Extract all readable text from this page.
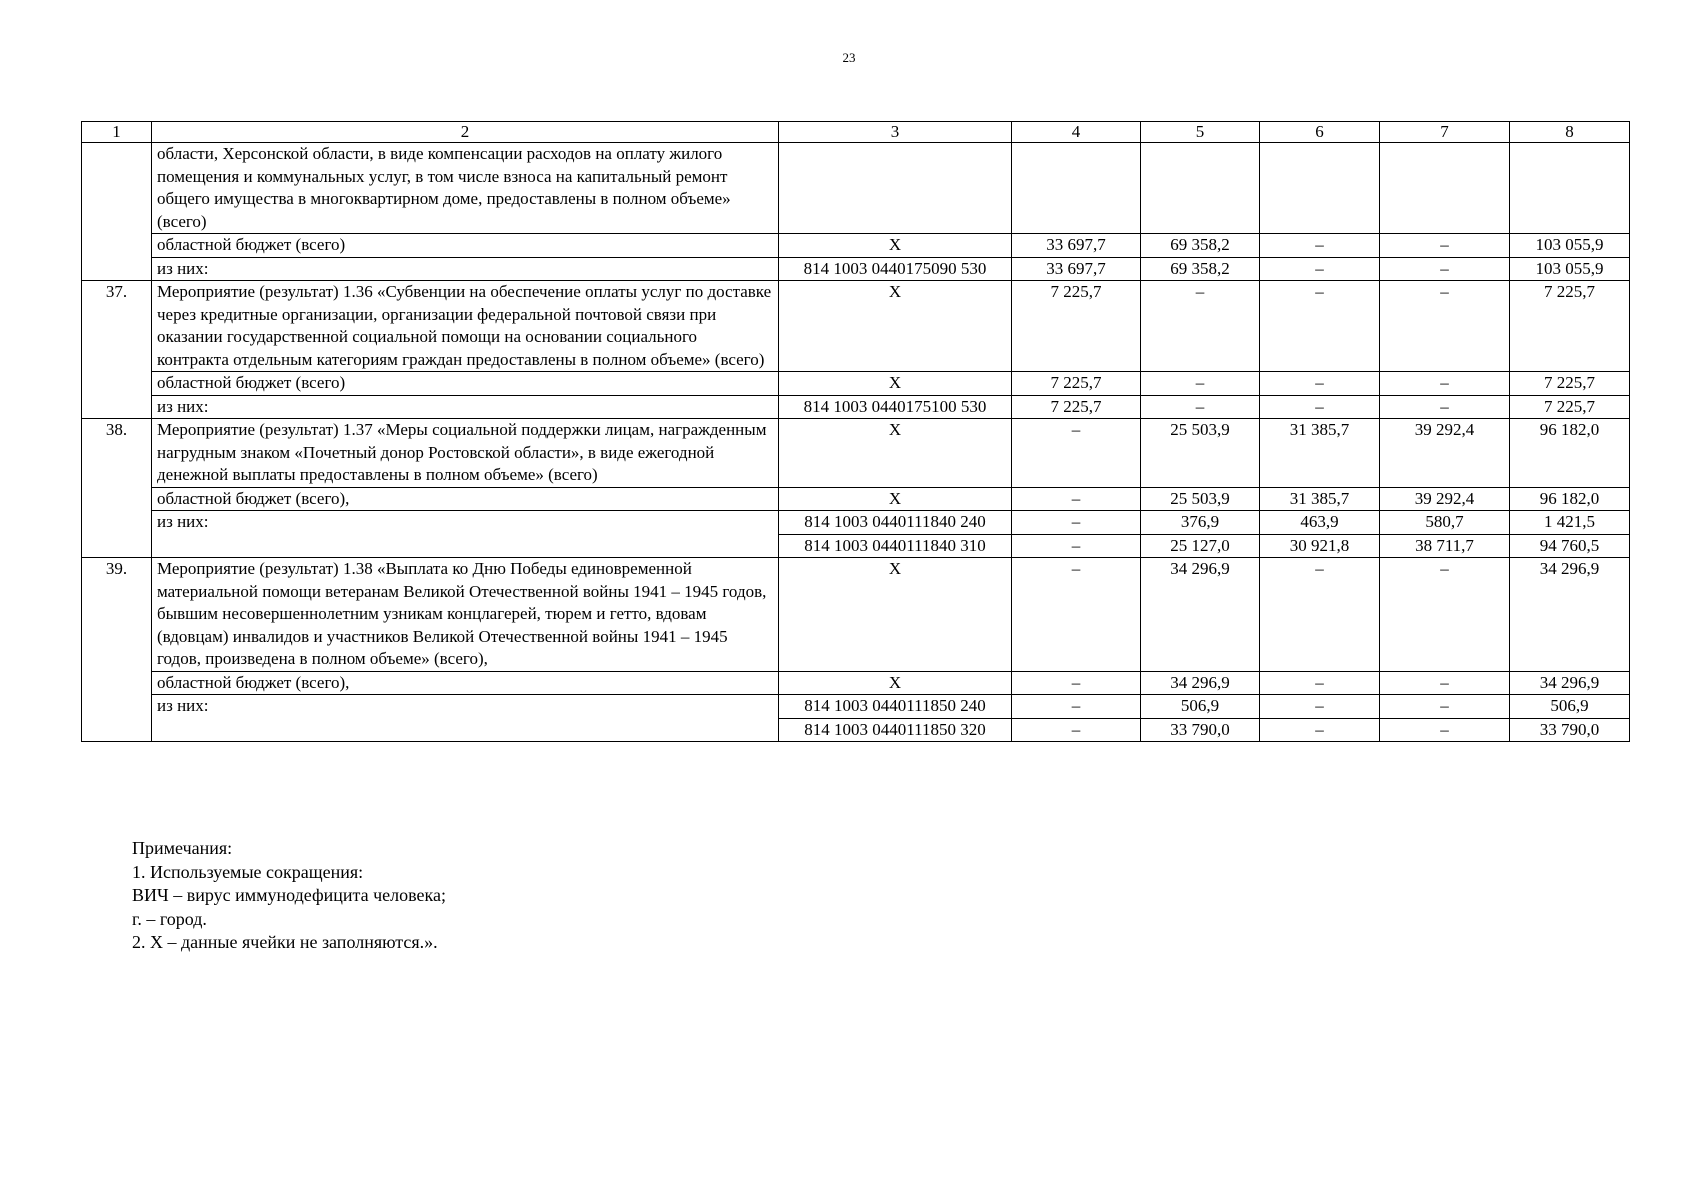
23
1	2	3	4	5	6	7	8
	области, Херсонской области, в виде компенсации расходов на оплату жилого помещения и коммунальных услуг, в том числе взноса на капитальный ремонт общего имущества в многоквартирном доме, предоставлены в полном объеме» (всего)						
	областной бюджет (всего)	X	33 697,7	69 358,2	–	–	103 055,9
	из них:	814 1003 0440175090 530	33 697,7	69 358,2	–	–	103 055,9
37.	Мероприятие (результат) 1.36 «Субвенции на обеспечение оплаты услуг по доставке через кредитные организации, организации федеральной почтовой связи при оказании государственной социальной помощи на основании социального контракта отдельным категориям граждан предоставлены в полном объеме» (всего)	X	7 225,7	–	–	–	7 225,7
	областной бюджет (всего)	X	7 225,7	–	–	–	7 225,7
	из них:	814 1003 0440175100 530	7 225,7	–	–	–	7 225,7
38.	Мероприятие (результат) 1.37 «Меры социальной поддержки лицам, награжденным нагрудным знаком «Почетный донор Ростовской области», в виде ежегодной денежной выплаты предоставлены в полном объеме» (всего)	X	–	25 503,9	31 385,7	39 292,4	96 182,0
	областной бюджет (всего),	X	–	25 503,9	31 385,7	39 292,4	96 182,0
	из них:	814 1003 0440111840 240	–	376,9	463,9	580,7	1 421,5
		814 1003 0440111840 310	–	25 127,0	30 921,8	38 711,7	94 760,5
39.	Мероприятие (результат) 1.38 «Выплата ко Дню Победы единовременной материальной помощи ветеранам Великой Отечественной войны 1941 – 1945 годов, бывшим несовершеннолетним узникам концлагерей, тюрем и гетто, вдовам (вдовцам) инвалидов и участников Великой Отечественной войны 1941 – 1945 годов, произведена в полном объеме» (всего),	X	–	34 296,9	–	–	34 296,9
	областной бюджет (всего),	X	–	34 296,9	–	–	34 296,9
	из них:	814 1003 0440111850 240	–	506,9	–	–	506,9
		814 1003 0440111850 320	–	33 790,0	–	–	33 790,0
Примечания:
1. Используемые сокращения:
ВИЧ – вирус иммунодефицита человека;
г. – город.
2. X – данные ячейки не заполняются.».
